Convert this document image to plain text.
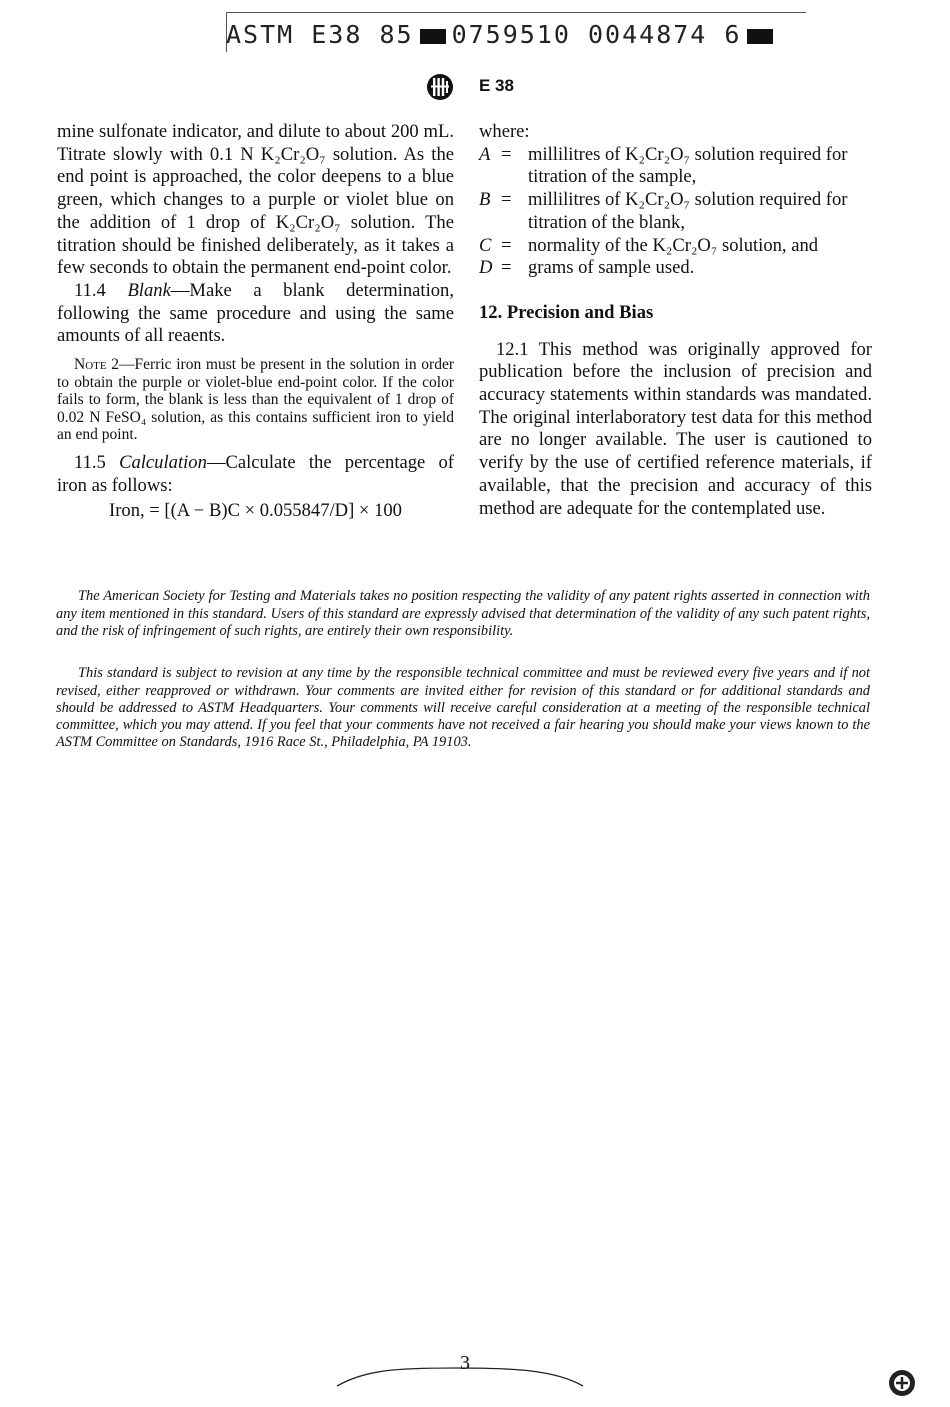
ASTM E38 85 0759510 0044874 6
E 38

mine sulfonate indicator, and dilute to about 200 mL. Titrate slowly with 0.1 N K₂Cr₂O₇ solution. As the end point is approached, the color deepens to a blue green, which changes to a purple or violet blue on the addition of 1 drop of K₂Cr₂O₇ solution. The titration should be finished deliberately, as it takes a few seconds to obtain the permanent end-point color.

11.4 Blank—Make a blank determination, following the same procedure and using the same amounts of all reaents.

Note 2—Ferric iron must be present in the solution in order to obtain the purple or violet-blue end-point color. If the color fails to form, the blank is less than the equivalent of 1 drop of 0.02 N FeSO₄ solution, as this contains sufficient iron to yield an end point.

11.5 Calculation—Calculate the percentage of iron as follows:

Iron, = [(A − B)C × 0.055847/D] × 100

where:

A = millilitres of K₂Cr₂O₇ solution required for titration of the sample,
B = millilitres of K₂Cr₂O₇ solution required for titration of the blank,
C = normality of the K₂Cr₂O₇ solution, and
D = grams of sample used.

12. Precision and Bias

12.1 This method was originally approved for publication before the inclusion of precision and accuracy statements within standards was mandated. The original interlaboratory test data for this method are no longer available. The user is cautioned to verify by the use of certified reference materials, if available, that the precision and accuracy of this method are adequate for the contemplated use.

The American Society for Testing and Materials takes no position respecting the validity of any patent rights asserted in connection with any item mentioned in this standard. Users of this standard are expressly advised that determination of the validity of any such patent rights, and the risk of infringement of such rights, are entirely their own responsibility.

This standard is subject to revision at any time by the responsible technical committee and must be reviewed every five years and if not revised, either reapproved or withdrawn. Your comments are invited either for revision of this standard or for additional standards and should be addressed to ASTM Headquarters. Your comments will receive careful consideration at a meeting of the responsible technical committee, which you may attend. If you feel that your comments have not received a fair hearing you should make your views known to the ASTM Committee on Standards, 1916 Race St., Philadelphia, PA 19103.

3
